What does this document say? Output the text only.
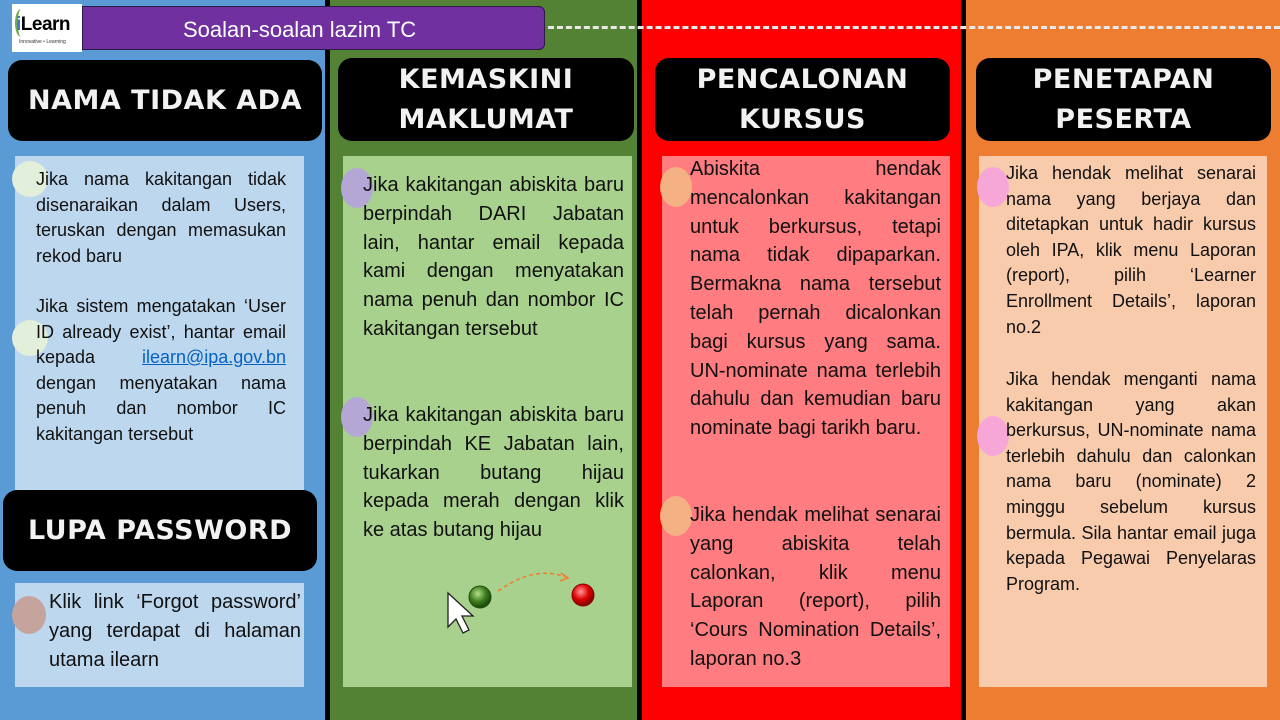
iLearn
Innovative • Learning	Soalan-soalan lazim TC
NAMA TIDAK ADA
Jika nama kakitangan tidak disenaraikan dalam Users, teruskan dengan memasukan rekod baru
Jika sistem mengatakan ‘User ID already exist’, hantar email kepada	ilearn@ipa.gov.bn dengan menyatakan nama penuh dan nombor IC kakitangan tersebut
LUPA PASSWORD
Klik link ‘Forgot password’ yang terdapat di halaman utama ilearn
KEMASKINI
MAKLUMAT
Jika kakitangan abiskita baru berpindah DARI Jabatan lain, hantar email kepada kami dengan menyatakan nama penuh dan nombor IC kakitangan tersebut
Jika kakitangan abiskita baru berpindah KE Jabatan lain, tukarkan butang hijau kepada merah dengan klik ke atas butang hijau
PENCALONAN
KURSUS
Abiskita hendak mencalonkan kakitangan untuk berkursus, tetapi nama tidak dipaparkan. Bermakna nama tersebut telah pernah dicalonkan bagi kursus yang sama. UN-nominate nama terlebih dahulu dan kemudian baru nominate bagi tarikh baru.
Jika hendak melihat senarai yang abiskita telah calonkan, klik menu Laporan (report), pilih ‘Cours Nomination Details’, laporan no.3
PENETAPAN
PESERTA
Jika hendak melihat senarai nama yang berjaya dan ditetapkan untuk hadir kursus oleh IPA, klik menu Laporan (report), pilih ‘Learner Enrollment Details’, laporan no.2
Jika hendak menganti nama kakitangan yang akan berkursus, UN-nominate nama terlebih dahulu dan calonkan nama baru (nominate) 2 minggu sebelum kursus bermula. Sila hantar email juga kepada Pegawai Penyelaras Program.
